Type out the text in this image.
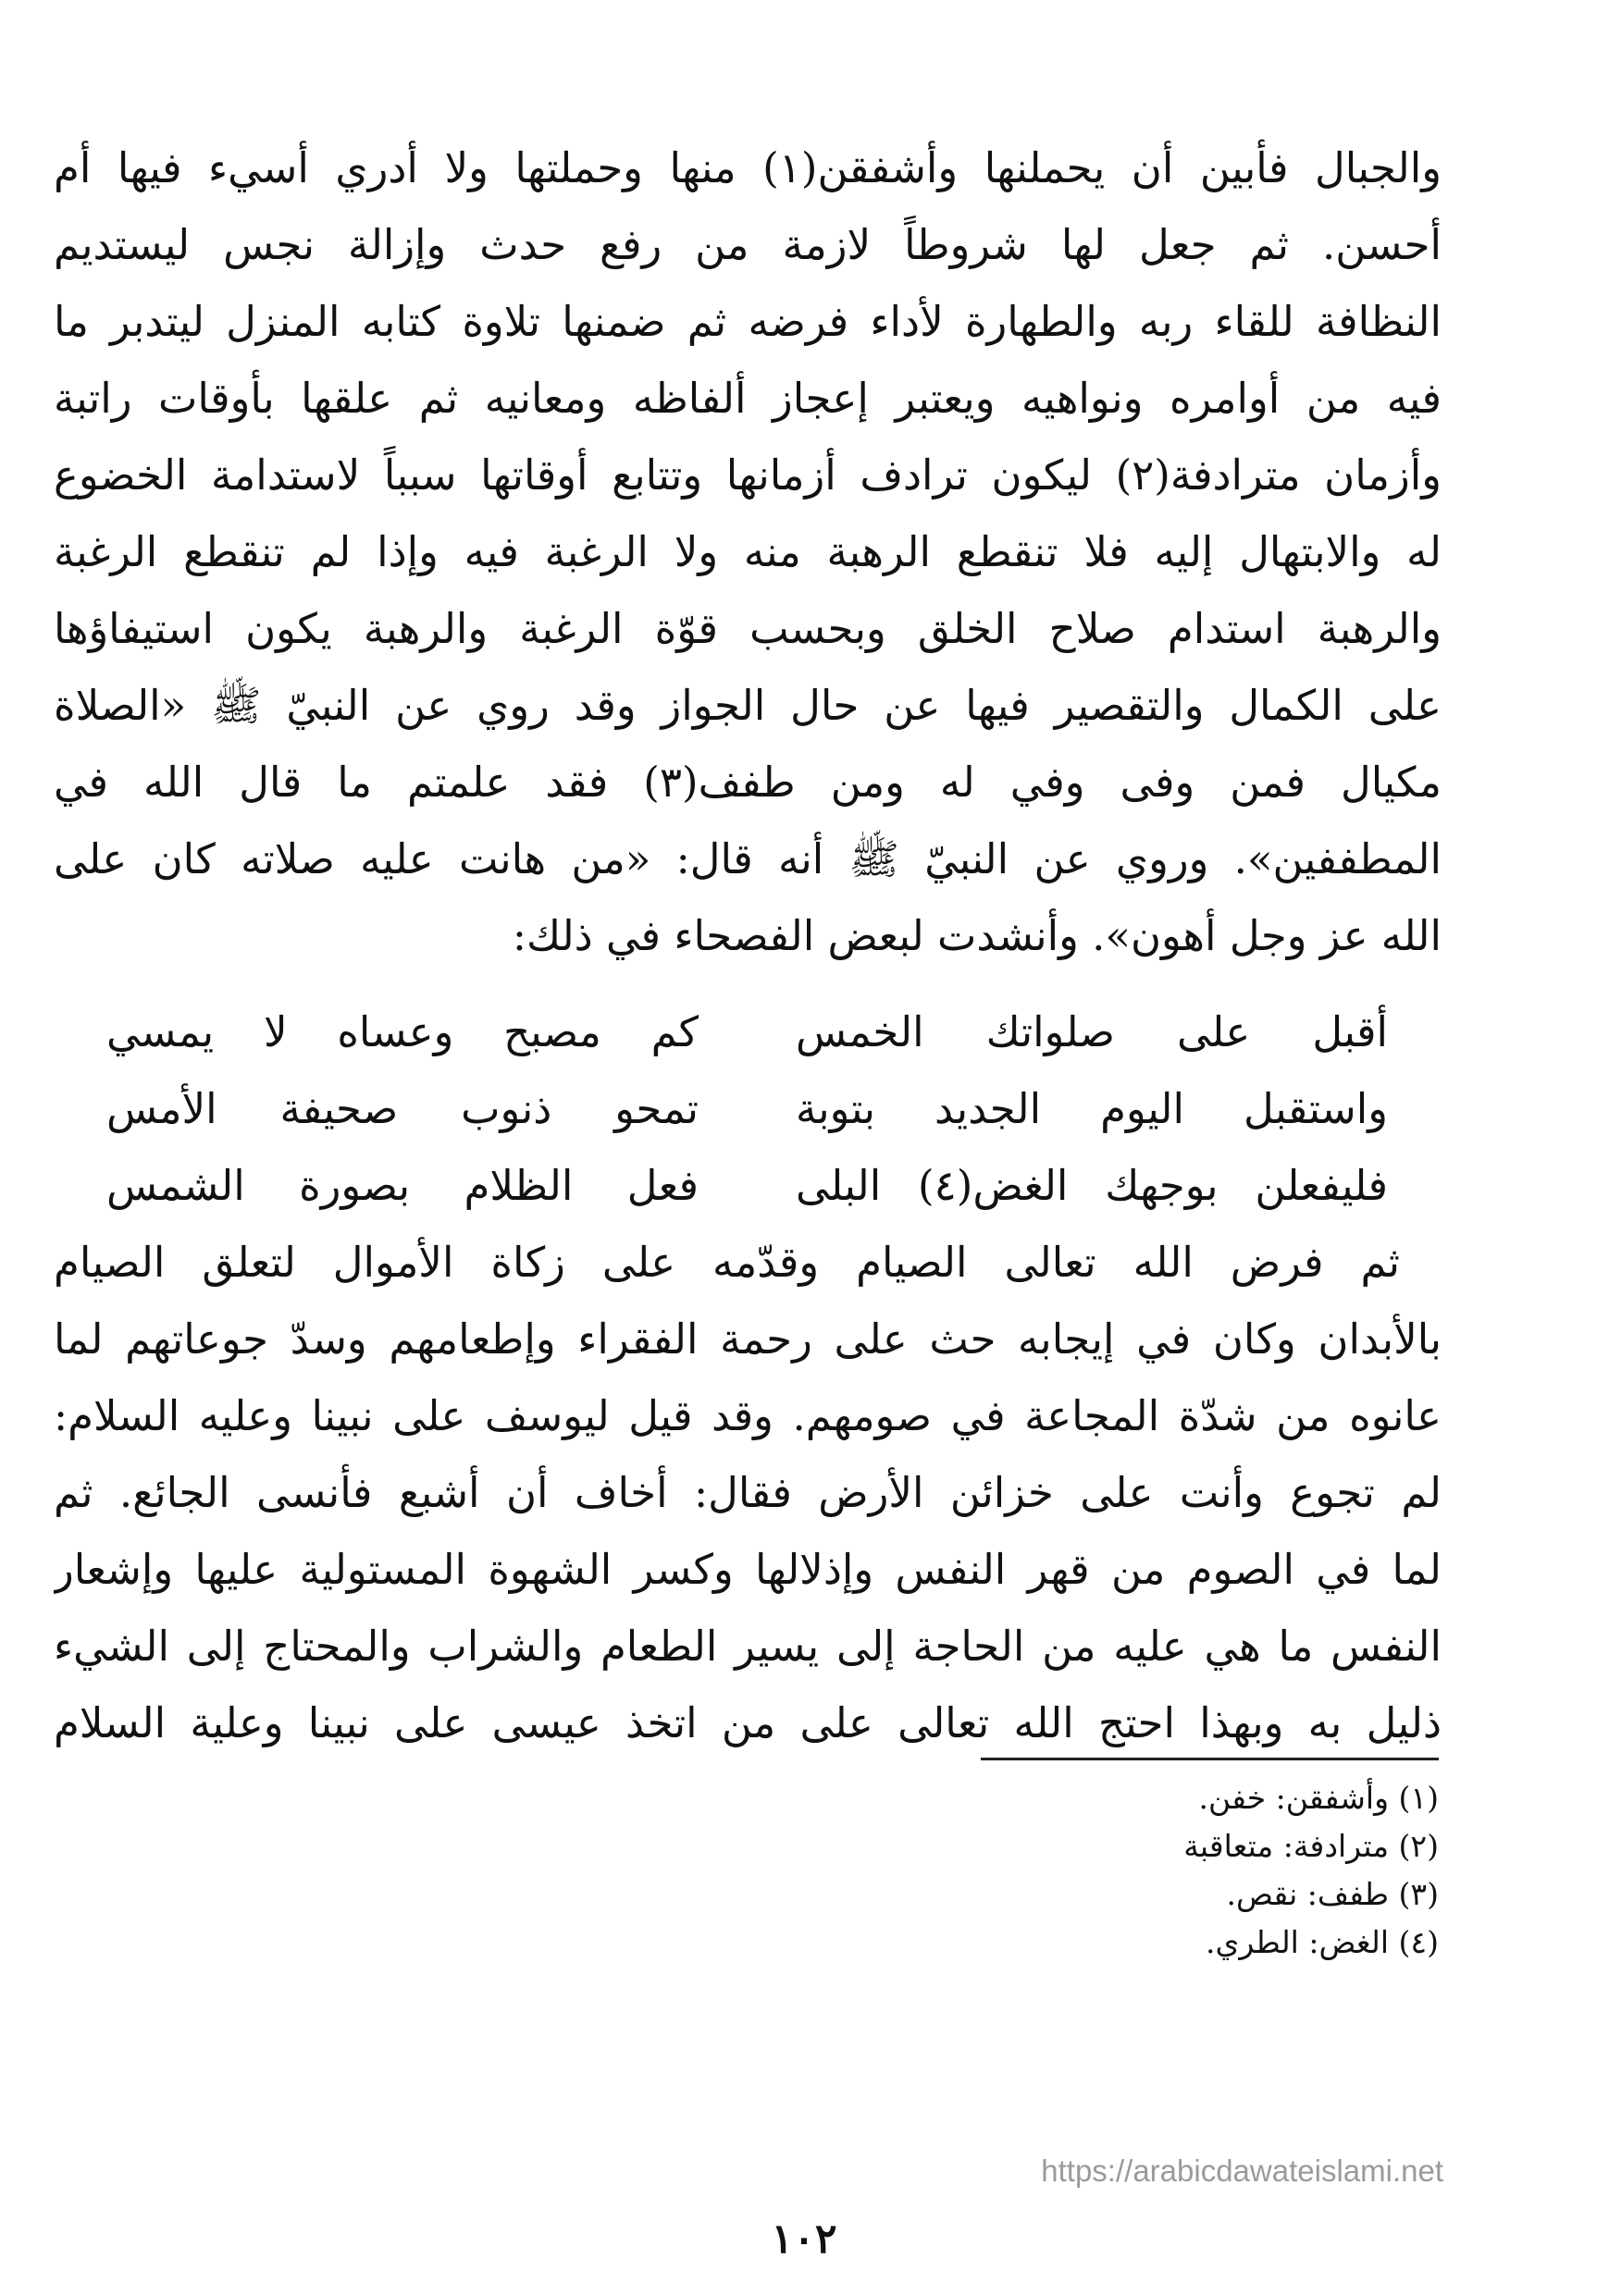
والجبال فأبين أن يحملنها وأشفقن(١) منها وحملتها ولا أدري أسيء فيها أم
أحسن. ثم جعل لها شروطاً لازمة من رفع حدث وإزالة نجس ليستديم
النظافة للقاء ربه والطهارة لأداء فرضه ثم ضمنها تلاوة كتابه المنزل ليتدبر ما
فيه من أوامره ونواهيه ويعتبر إعجاز ألفاظه ومعانيه ثم علقها بأوقات راتبة
وأزمان مترادفة(٢) ليكون ترادف أزمانها وتتابع أوقاتها سبباً لاستدامة الخضوع
له والابتهال إليه فلا تنقطع الرهبة منه ولا الرغبة فيه وإذا لم تنقطع الرغبة
والرهبة استدام صلاح الخلق وبحسب قوّة الرغبة والرهبة يكون استيفاؤها
على الكمال والتقصير فيها عن حال الجواز وقد روي عن النبيّ ﷺ «الصلاة
مكيال فمن وفى وفي له ومن طفف(٣) فقد علمتم ما قال الله في
المطففين». وروي عن النبيّ ﷺ أنه قال: «من هانت عليه صلاته كان على
الله عز وجل أهون». وأنشدت لبعض الفصحاء في ذلك:
أقبل على صلواتك الخمس
كم مصبح وعساه لا يمسي
واستقبل اليوم الجديد بتوبة
تمحو ذنوب صحيفة الأمس
فليفعلن بوجهك الغض(٤) البلى
فعل الظلام بصورة الشمس
ثم فرض الله تعالى الصيام وقدّمه على زكاة الأموال لتعلق الصيام
بالأبدان وكان في إيجابه حث على رحمة الفقراء وإطعامهم وسدّ جوعاتهم لما
عانوه من شدّة المجاعة في صومهم. وقد قيل ليوسف على نبينا وعليه السلام:
لم تجوع وأنت على خزائن الأرض فقال: أخاف أن أشبع فأنسى الجائع. ثم
لما في الصوم من قهر النفس وإذلالها وكسر الشهوة المستولية عليها وإشعار
النفس ما هي عليه من الحاجة إلى يسير الطعام والشراب والمحتاج إلى الشيء
ذليل به وبهذا احتج الله تعالى على من اتخذ عيسى على نبينا وعلية السلام
(١) وأشفقن: خفن.
(٢) مترادفة: متعاقبة
(٣) طفف: نقص.
(٤) الغض: الطري.
https://arabicdawateislami.net
١٠٢
